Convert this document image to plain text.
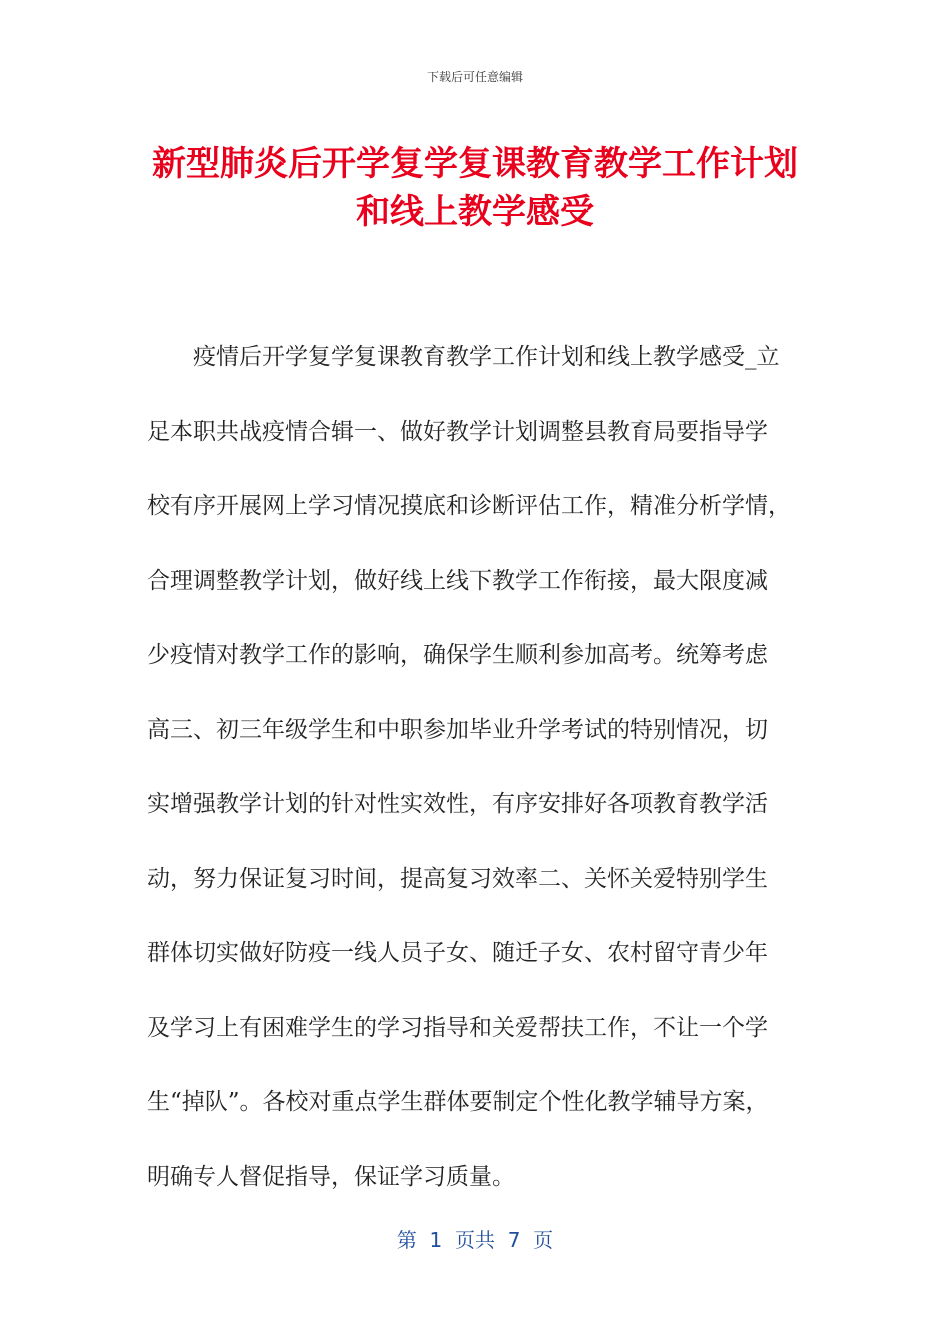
下载后可任意编辑
新型肺炎后开学复学复课教育教学工作计划
和线上教学感受
疫情后开学复学复课教育教学工作计划和线上教学感受_立
足本职共战疫情合辑一、做好教学计划调整县教育局要指导学
校有序开展网上学习情况摸底和诊断评估工作，精准分析学情，
合理调整教学计划，做好线上线下教学工作衔接，最大限度减
少疫情对教学工作的影响，确保学生顺利参加高考。统筹考虑
高三、初三年级学生和中职参加毕业升学考试的特别情况，切
实增强教学计划的针对性实效性，有序安排好各项教育教学活
动，努力保证复习时间，提高复习效率二、关怀关爱特别学生
群体切实做好防疫一线人员子女、随迁子女、农村留守青少年
及学习上有困难学生的学习指导和关爱帮扶工作，不让一个学
生“掉队”。各校对重点学生群体要制定个性化教学辅导方案，
明确专人督促指导，保证学习质量。
第  1  页共  7  页
